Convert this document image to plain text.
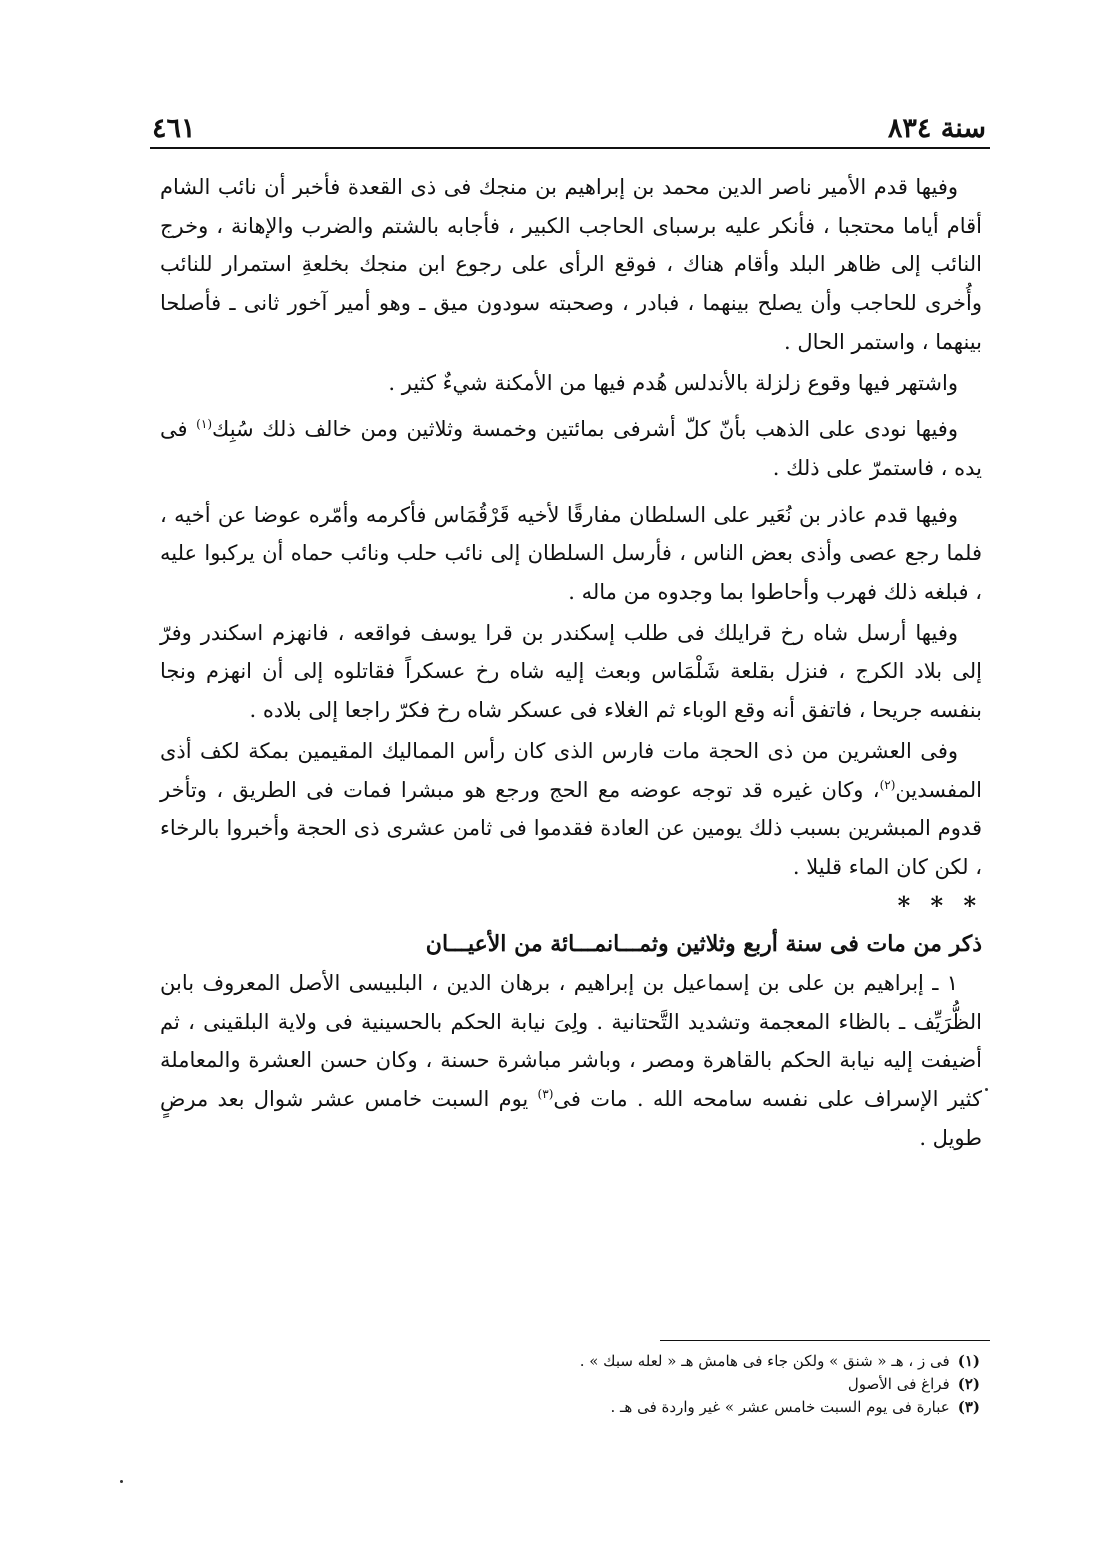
سنة ٨٣٤
٤٦١

وفيها قدم الأمير ناصر الدين محمد بن إبراهيم بن منجك فى ذى القعدة فأخبر أن نائب الشام أقام أياما محتجبا ، فأنكر عليه برسباى الحاجب الكبير ، فأجابه بالشتم والضرب والإهانة ، وخرج النائب إلى ظاهر البلد وأقام هناك ، فوقع الرأى على رجوع ابن منجك بخلعةِ استمرار للنائب وأُخرى للحاجب وأن يصلح بينهما ، فبادر ، وصحبته سودون ميق ـ وهو أمير آخور ثانى ـ فأصلحا بينهما ، واستمر الحال .

واشتهر فيها وقوع زلزلة بالأندلس هُدم فيها من الأمكنة شيءٌ كثير .

وفيها نودى على الذهب بأنّ كلّ أشرفى بمائتين وخمسة وثلاثين ومن خالف ذلك سُبِك$^{(١)}$ فى يده ، فاستمرّ على ذلك .

وفيها قدم عاذر بن نُعَير على السلطان مفارقًا لأخيه قَرْقُمَاس فأكرمه وأمّره عوضا عن أخيه ، فلما رجع عصى وأذى بعض الناس ، فأرسل السلطان إلى نائب حلب ونائب حماه أن يركبوا عليه ، فبلغه ذلك فهرب وأحاطوا بما وجدوه من ماله .

وفيها أرسل شاه رخ قرايلك فى طلب إسكندر بن قرا يوسف فواقعه ، فانهزم اسكندر وفرّ إلى بلاد الكرج ، فنزل بقلعة شَلْمَاس وبعث إليه شاه رخ عسكراً فقاتلوه إلى أن انهزم ونجا بنفسه جريحا ، فاتفق أنه وقع الوباء ثم الغلاء فى عسكر شاه رخ فكرّ راجعا إلى بلاده .

وفى العشرين من ذى الحجة مات فارس الذى كان رأس المماليك المقيمين بمكة لكف أذى المفسدين$^{(٢)}$، وكان غيره قد توجه عوضه مع الحج ورجع هو مبشرا فمات فى الطريق ، وتأخر قدوم المبشرين بسبب ذلك يومين عن العادة فقدموا فى ثامن عشرى ذى الحجة وأخبروا بالرخاء ، لكن كان الماء قليلا .

* * *

ذكر من مات فى سنة أربع وثلاثين وثمـــانمـــائة من الأعيـــان

١ ـ إبراهيم بن على بن إسماعيل بن إبراهيم ، برهان الدين ، البلبيسى الأصل المعروف بابن الظُّرَيِّف ـ بالظاء المعجمة وتشديد التَّحتانية . ولِىَ نيابة الحكم بالحسينية فى ولاية البلقينى ، ثم أضيفت إليه نيابة الحكم بالقاهرة ومصر ، وباشر مباشرة حسنة ، وكان حسن العشرة والمعاملة كثير الإسراف على نفسه سامحه الله . مات فى$^{(٣)}$ يوم السبت خامس عشر شوال بعد مرضٍ طويل .

(١)فى ز ، هـ « شنق » ولكن جاء فى هامش هـ « لعله سبك » .
(٢)فراغ فى الأصول
(٣)عبارة فى يوم السبت خامس عشر » غير واردة فى هـ .
